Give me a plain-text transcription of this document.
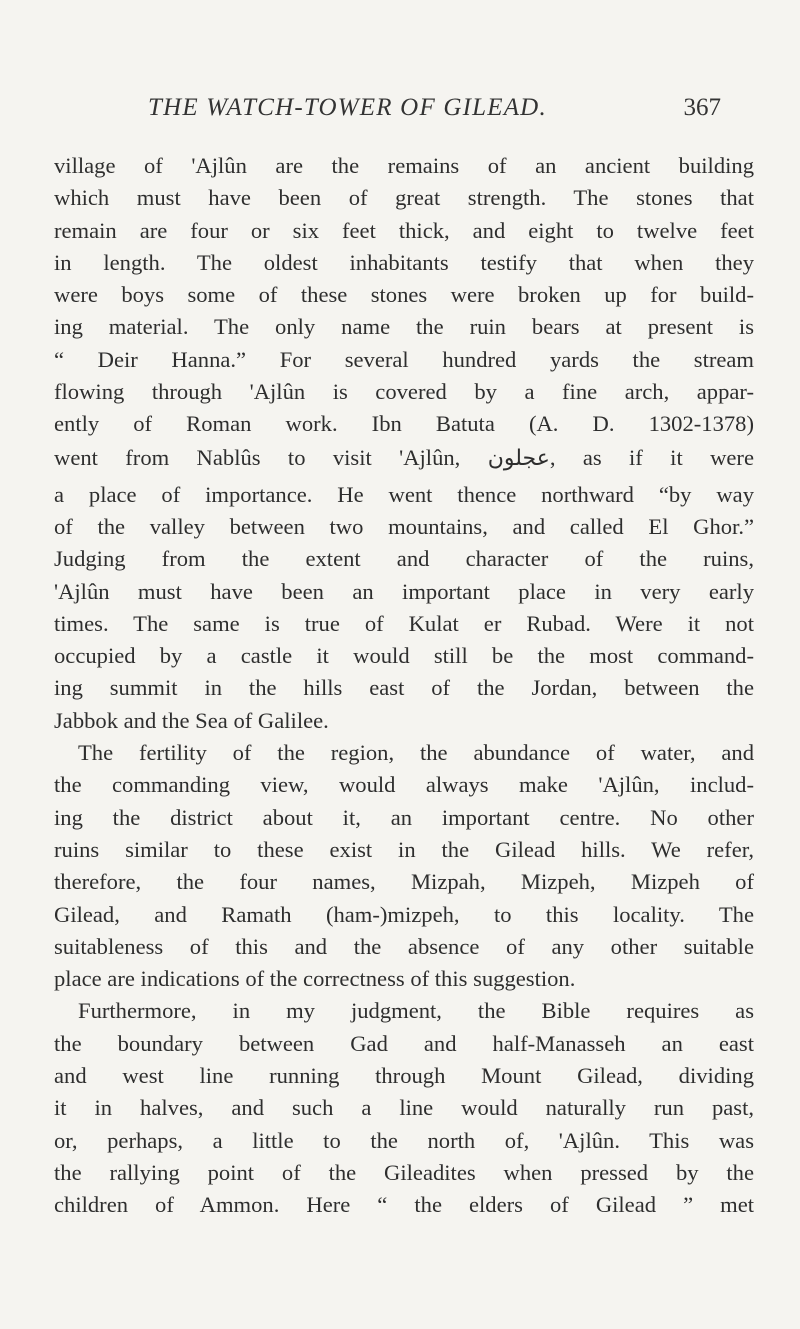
THE WATCH-TOWER OF GILEAD.	367
village of 'Ajlûn are the remains of an ancient building
which must have been of great strength. The stones that
remain are four or six feet thick, and eight to twelve feet
in length. The oldest inhabitants testify that when they
were boys some of these stones were broken up for build-
ing material. The only name the ruin bears at present is
“ Deir Hanna.” For several hundred yards the stream
flowing through 'Ajlûn is covered by a fine arch, appar-
ently of Roman work. Ibn Batuta (A. D. 1302-1378)
went from Nablûs to visit 'Ajlûn, عجلون, as if it were
a place of importance. He went thence northward “by way
of the valley between two mountains, and called El Ghor.”
Judging from the extent and character of the ruins,
'Ajlûn must have been an important place in very early
times. The same is true of Kulat er Rubad. Were it not
occupied by a castle it would still be the most command-
ing summit in the hills east of the Jordan, between the
Jabbok and the Sea of Galilee.
The fertility of the region, the abundance of water, and
the commanding view, would always make 'Ajlûn, includ-
ing the district about it, an important centre. No other
ruins similar to these exist in the Gilead hills. We refer,
therefore, the four names, Mizpah, Mizpeh, Mizpeh of
Gilead, and Ramath (ham-)mizpeh, to this locality. The
suitableness of this and the absence of any other suitable
place are indications of the correctness of this suggestion.
Furthermore, in my judgment, the Bible requires as
the boundary between Gad and half-Manasseh an east
and west line running through Mount Gilead, dividing
it in halves, and such a line would naturally run past,
or, perhaps, a little to the north of, 'Ajlûn. This was
the rallying point of the Gileadites when pressed by the
children of Ammon. Here “ the elders of Gilead ” met
